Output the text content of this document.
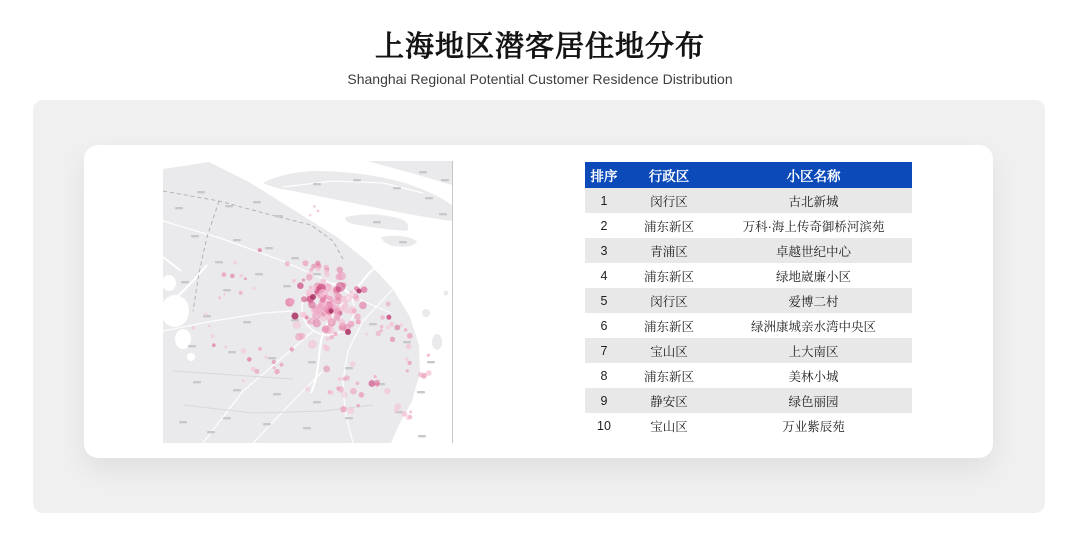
上海地区潜客居住地分布

Shanghai Regional Potential Customer Residence Distribution

排序	行政区	小区名称
1	闵行区	古北新城
2	浦东新区	万科·海上传奇御桥河滨苑
3	青浦区	卓越世纪中心
4	浦东新区	绿地崴廉小区
5	闵行区	爱博二村
6	浦东新区	绿洲康城亲水湾中央区
7	宝山区	上大南区
8	浦东新区	美林小城
9	静安区	绿色丽园
10	宝山区	万业紫辰苑
